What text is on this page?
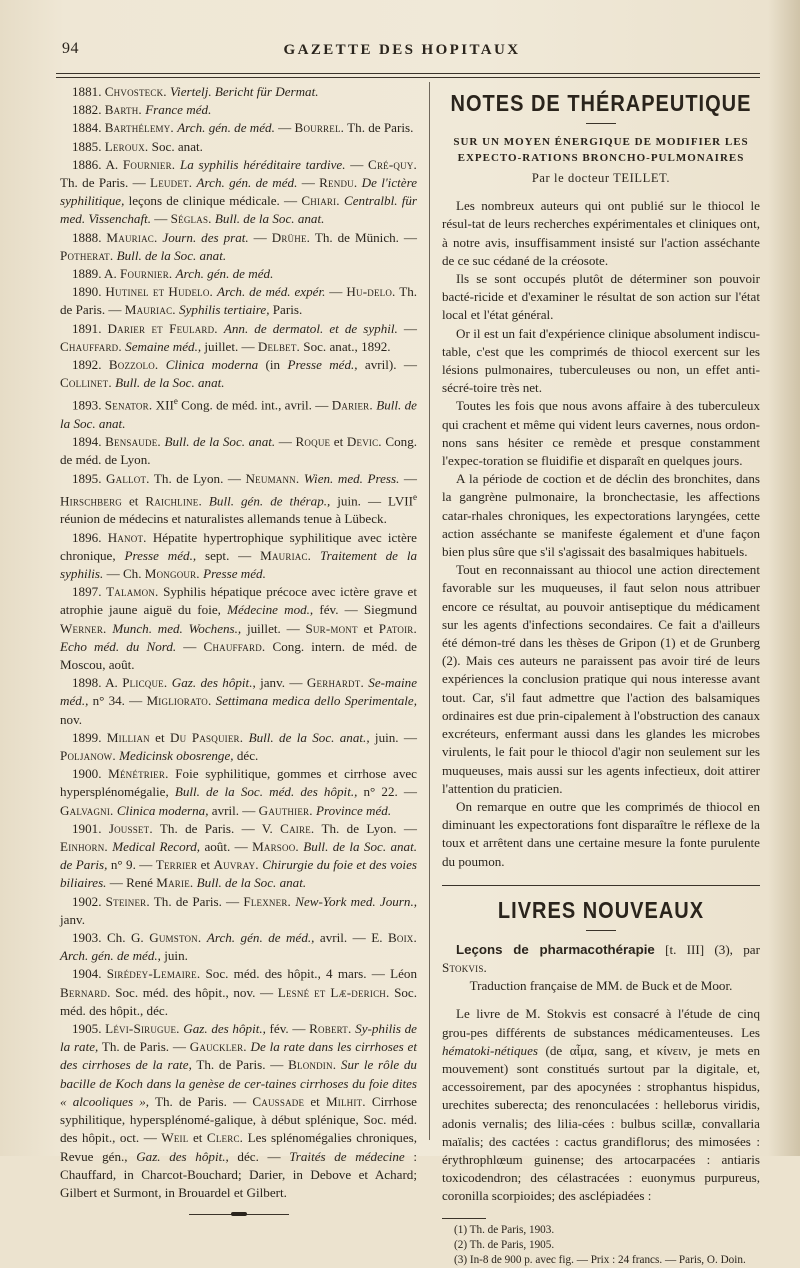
94	GAZETTE DES HOPITAUX

1881. Chvosteck. Viertelj. Bericht für Dermat.

1882. Barth. France méd.

1884. Barthélemy. Arch. gén. de méd. — Bourrel. Th. de Paris.

1885. Leroux. Soc. anat.

1886. A. Fournier. La syphilis héréditaire tardive. — Cré-quy. Th. de Paris. — Leudet. Arch. gén. de méd. — Rendu. De l'ictère syphilitique, leçons de clinique médicale. — Chiari. Centralbl. für med. Vissenchaft. — Séglas. Bull. de la Soc. anat.

1888. Mauriac. Journ. des prat. — Drühe. Th. de Münich. — Potherat. Bull. de la Soc. anat.

1889. A. Fournier. Arch. gén. de méd.

1890. Hutinel et Hudelo. Arch. de méd. expér. — Hu-delo. Th. de Paris. — Mauriac. Syphilis tertiaire, Paris.

1891. Darier et Feulard. Ann. de dermatol. et de syphil. — Chauffard. Semaine méd., juillet. — Delbet. Soc. anat., 1892.

1892. Bozzolo. Clinica moderna (in Presse méd., avril). — Collinet. Bull. de la Soc. anat.

1893. Senator. XIIe Cong. de méd. int., avril. — Darier. Bull. de la Soc. anat.

1894. Bensaude. Bull. de la Soc. anat. — Roque et Devic. Cong. de méd. de Lyon.

1895. Gallot. Th. de Lyon. — Neumann. Wien. med. Press. — Hirschberg et Raichline. Bull. gén. de thérap., juin. — LVIIe réunion de médecins et naturalistes allemands tenue à Lübeck.

1896. Hanot. Hépatite hypertrophique syphilitique avec ictère chronique, Presse méd., sept. — Mauriac. Traitement de la syphilis. — Ch. Mongour. Presse méd.

1897. Talamon. Syphilis hépatique précoce avec ictère grave et atrophie jaune aiguë du foie, Médecine mod., fév. — Siegmund Werner. Munch. med. Wochens., juillet. — Sur-mont et Patoir. Echo méd. du Nord. — Chauffard. Cong. intern. de méd. de Moscou, août.

1898. A. Plicque. Gaz. des hôpit., janv. — Gerhardt. Se-maine méd., n° 34. — Migliorato. Settimana medica dello Sperimentale, nov.

1899. Millian et Du Pasquier. Bull. de la Soc. anat., juin. — Poljanow. Medicinsk obosrenge, déc.

1900. Ménétrier. Foie syphilitique, gommes et cirrhose avec hypersplénomégalie, Bull. de la Soc. méd. des hôpit., n° 22. — Galvagni. Clinica moderna, avril. — Gauthier. Province méd.

1901. Jousset. Th. de Paris. — V. Caire. Th. de Lyon. — Einhorn. Medical Record, août. — Marsoo. Bull. de la Soc. anat. de Paris, n° 9. — Terrier et Auvray. Chirurgie du foie et des voies biliaires. — René Marie. Bull. de la Soc. anat.

1902. Steiner. Th. de Paris. — Flexner. New-York med. Journ., janv.

1903. Ch. G. Gumston. Arch. gén. de méd., avril. — E. Boix. Arch. gén. de méd., juin.

1904. Sirédey-Lemaire. Soc. méd. des hôpit., 4 mars. — Léon Bernard. Soc. méd. des hôpit., nov. — Lesné et Læ-derich. Soc. méd. des hôpit., déc.

1905. Lévi-Sirugue. Gaz. des hôpit., fév. — Robert. Sy-philis de la rate, Th. de Paris. — Gauckler. De la rate dans les cirrhoses et des cirrhoses de la rate, Th. de Paris. — Blondin. Sur le rôle du bacille de Koch dans la genèse de cer-taines cirrhoses du foie dites « alcooliques », Th. de Paris. — Caussade et Milhit. Cirrhose syphilitique, hypersplénomé-galique, à début splénique, Soc. méd. des hôpit., oct. — Weil et Clerc. Les splénomégalies chroniques, Revue gén., Gaz. des hôpit., déc. — Traités de médecine : Chauffard, in Charcot-Bouchard; Darier, in Debove et Achard; Gilbert et Surmont, in Brouardel et Gilbert.

NOTES DE THÉRAPEUTIQUE
SUR UN MOYEN ÉNERGIQUE DE MODIFIER LES EXPECTO-RATIONS BRONCHO-PULMONAIRES
Par le docteur TEILLET.

Les nombreux auteurs qui ont publié sur le thiocol le résul-tat de leurs recherches expérimentales et cliniques ont, à notre avis, insuffisamment insisté sur l'action asséchante de ce suc cédané de la créosote.

Ils se sont occupés plutôt de déterminer son pouvoir bacté-ricide et d'examiner le résultat de son action sur l'état local et l'état général.

Or il est un fait d'expérience clinique absolument indiscu-table, c'est que les comprimés de thiocol exercent sur les lésions pulmonaires, tuberculeuses ou non, un effet anti-sécré-toire très net.

Toutes les fois que nous avons affaire à des tuberculeux qui crachent et même qui vident leurs cavernes, nous ordon-nons sans hésiter ce remède et presque constamment l'expec-toration se fluidifie et disparaît en quelques jours.

A la période de coction et de déclin des bronchites, dans la gangrène pulmonaire, la bronchectasie, les affections catar-rhales chroniques, les expectorations laryngées, cette action asséchante se manifeste également et d'une façon bien plus sûre que s'il s'agissait des basalmiques habituels.

Tout en reconnaissant au thiocol une action directement favorable sur les muqueuses, il faut selon nous attribuer encore ce résultat, au pouvoir antiseptique du médicament sur les agents d'infections secondaires. Ce fait a d'ailleurs été démon-tré dans les thèses de Gripon (1) et de Grunberg (2). Mais ces auteurs ne paraissent pas avoir tiré de leurs expériences la conclusion pratique qui nous interesse avant tout. Car, s'il faut admettre que l'action des balsamiques ordinaires est due prin-cipalement à l'obstruction des canaux excréteurs, enfermant aussi dans les glandes les microbes virulents, le fait pour le thiocol d'agir non seulement sur les muqueuses, mais aussi sur les agents infectieux, doit attirer l'attention du praticien.

On remarque en outre que les comprimés de thiocol en diminuant les expectorations font disparaître le réflexe de la toux et arrêtent dans une certaine mesure la fonte purulente du poumon.

LIVRES NOUVEAUX

Leçons de pharmacothérapie [t. III] (3), par Stokvis.

Traduction française de MM. de Buck et de Moor.

Le livre de M. Stokvis est consacré à l'étude de cinq grou-pes différents de substances médicamenteuses. Les hématoki-nétiques (de αἷμα, sang, et κίνειν, je mets en mouvement) sont constitués surtout par la digitale, et, accessoirement, par des apocynées : strophantus hispidus, urechites suberecta; des renonculacées : helleborus viridis, adonis vernalis; des lilia-cées : bulbus scillæ, convallaria maïalis; des cactées : cactus grandiflorus; des mimosées : érythrophlœum guinense; des artocarpacées : antiaris toxicodendron; des célastracées : euonymus purpureus, coronilla scorpioides; des asclépiadées :

(1) Th. de Paris, 1903.
(2) Th. de Paris, 1905.
(3) In-8 de 900 p. avec fig. — Prix : 24 francs. — Paris, O. Doin.
